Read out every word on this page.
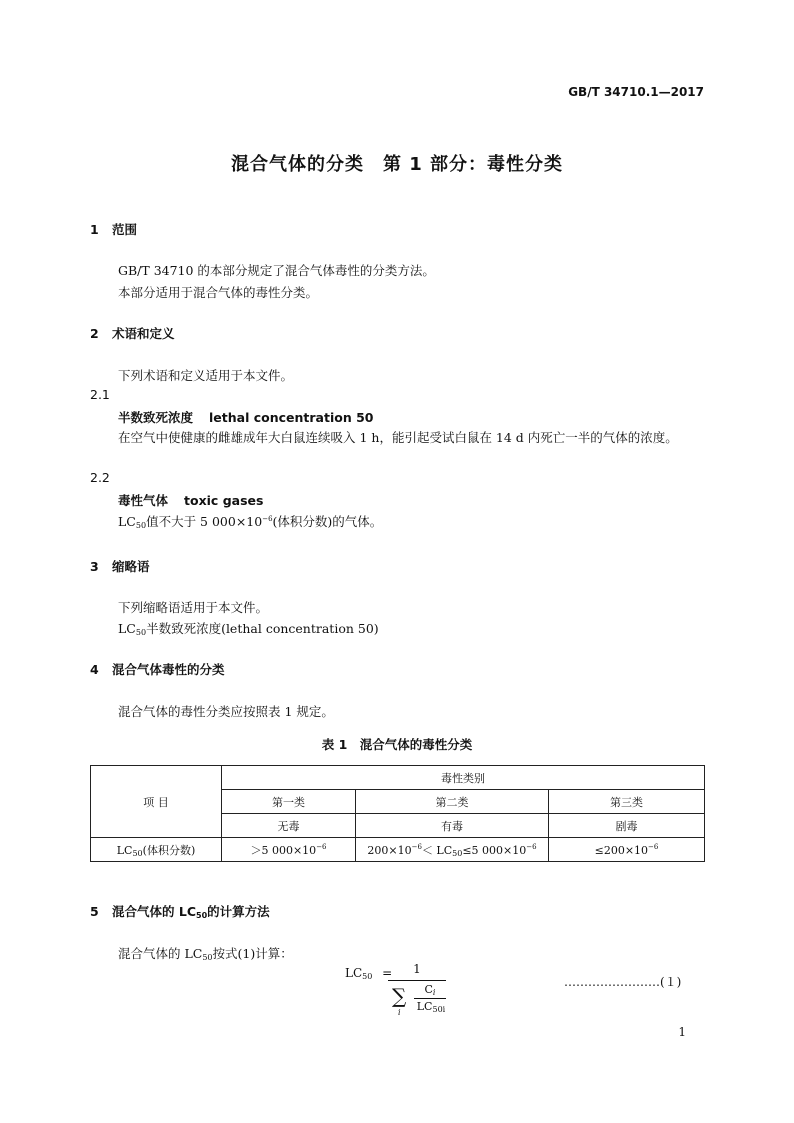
GB/T 34710.1—2017
混合气体的分类　第 1 部分：毒性分类
1 范围
GB/T 34710 的本部分规定了混合气体毒性的分类方法。
本部分适用于混合气体的毒性分类。
2 术语和定义
下列术语和定义适用于本文件。
2.1
半数致死浓度 lethal concentration 50
在空气中使健康的雌雄成年大白鼠连续吸入 1 h，能引起受试白鼠在 14 d 内死亡一半的气体的浓度。
2.2
毒性气体 toxic gases
$LC_{50}$值不大于 5 $000\times 10^{-6}$(体积分数)的气体。
3 缩略语
下列缩略语适用于本文件。
$LC_{50}$半数致死浓度(lethal concentration 50)
4 混合气体毒性的分类
混合气体的毒性分类应按照表 1 规定。
表 1　混合气体的毒性分类
项 目	毒性类别		
	第一类	第二类	第三类
	无毒	有毒	剧毒
$LC_{50}$(体积分数)	＞5 $000\times 10^{-6}$	$200\times 10^{-6}< LC_{50}\le 5$ $000\times 10^{-6}$	$\le 200\times 10^{-6}$
5 混合气体的 $LC_{50}$的计算方法
混合气体的 $LC_{50}$按式(1)计算：
$LC_{50}$ =	1
∑
i
$C_i$
$LC_{50i}$
……………………(１)
1
